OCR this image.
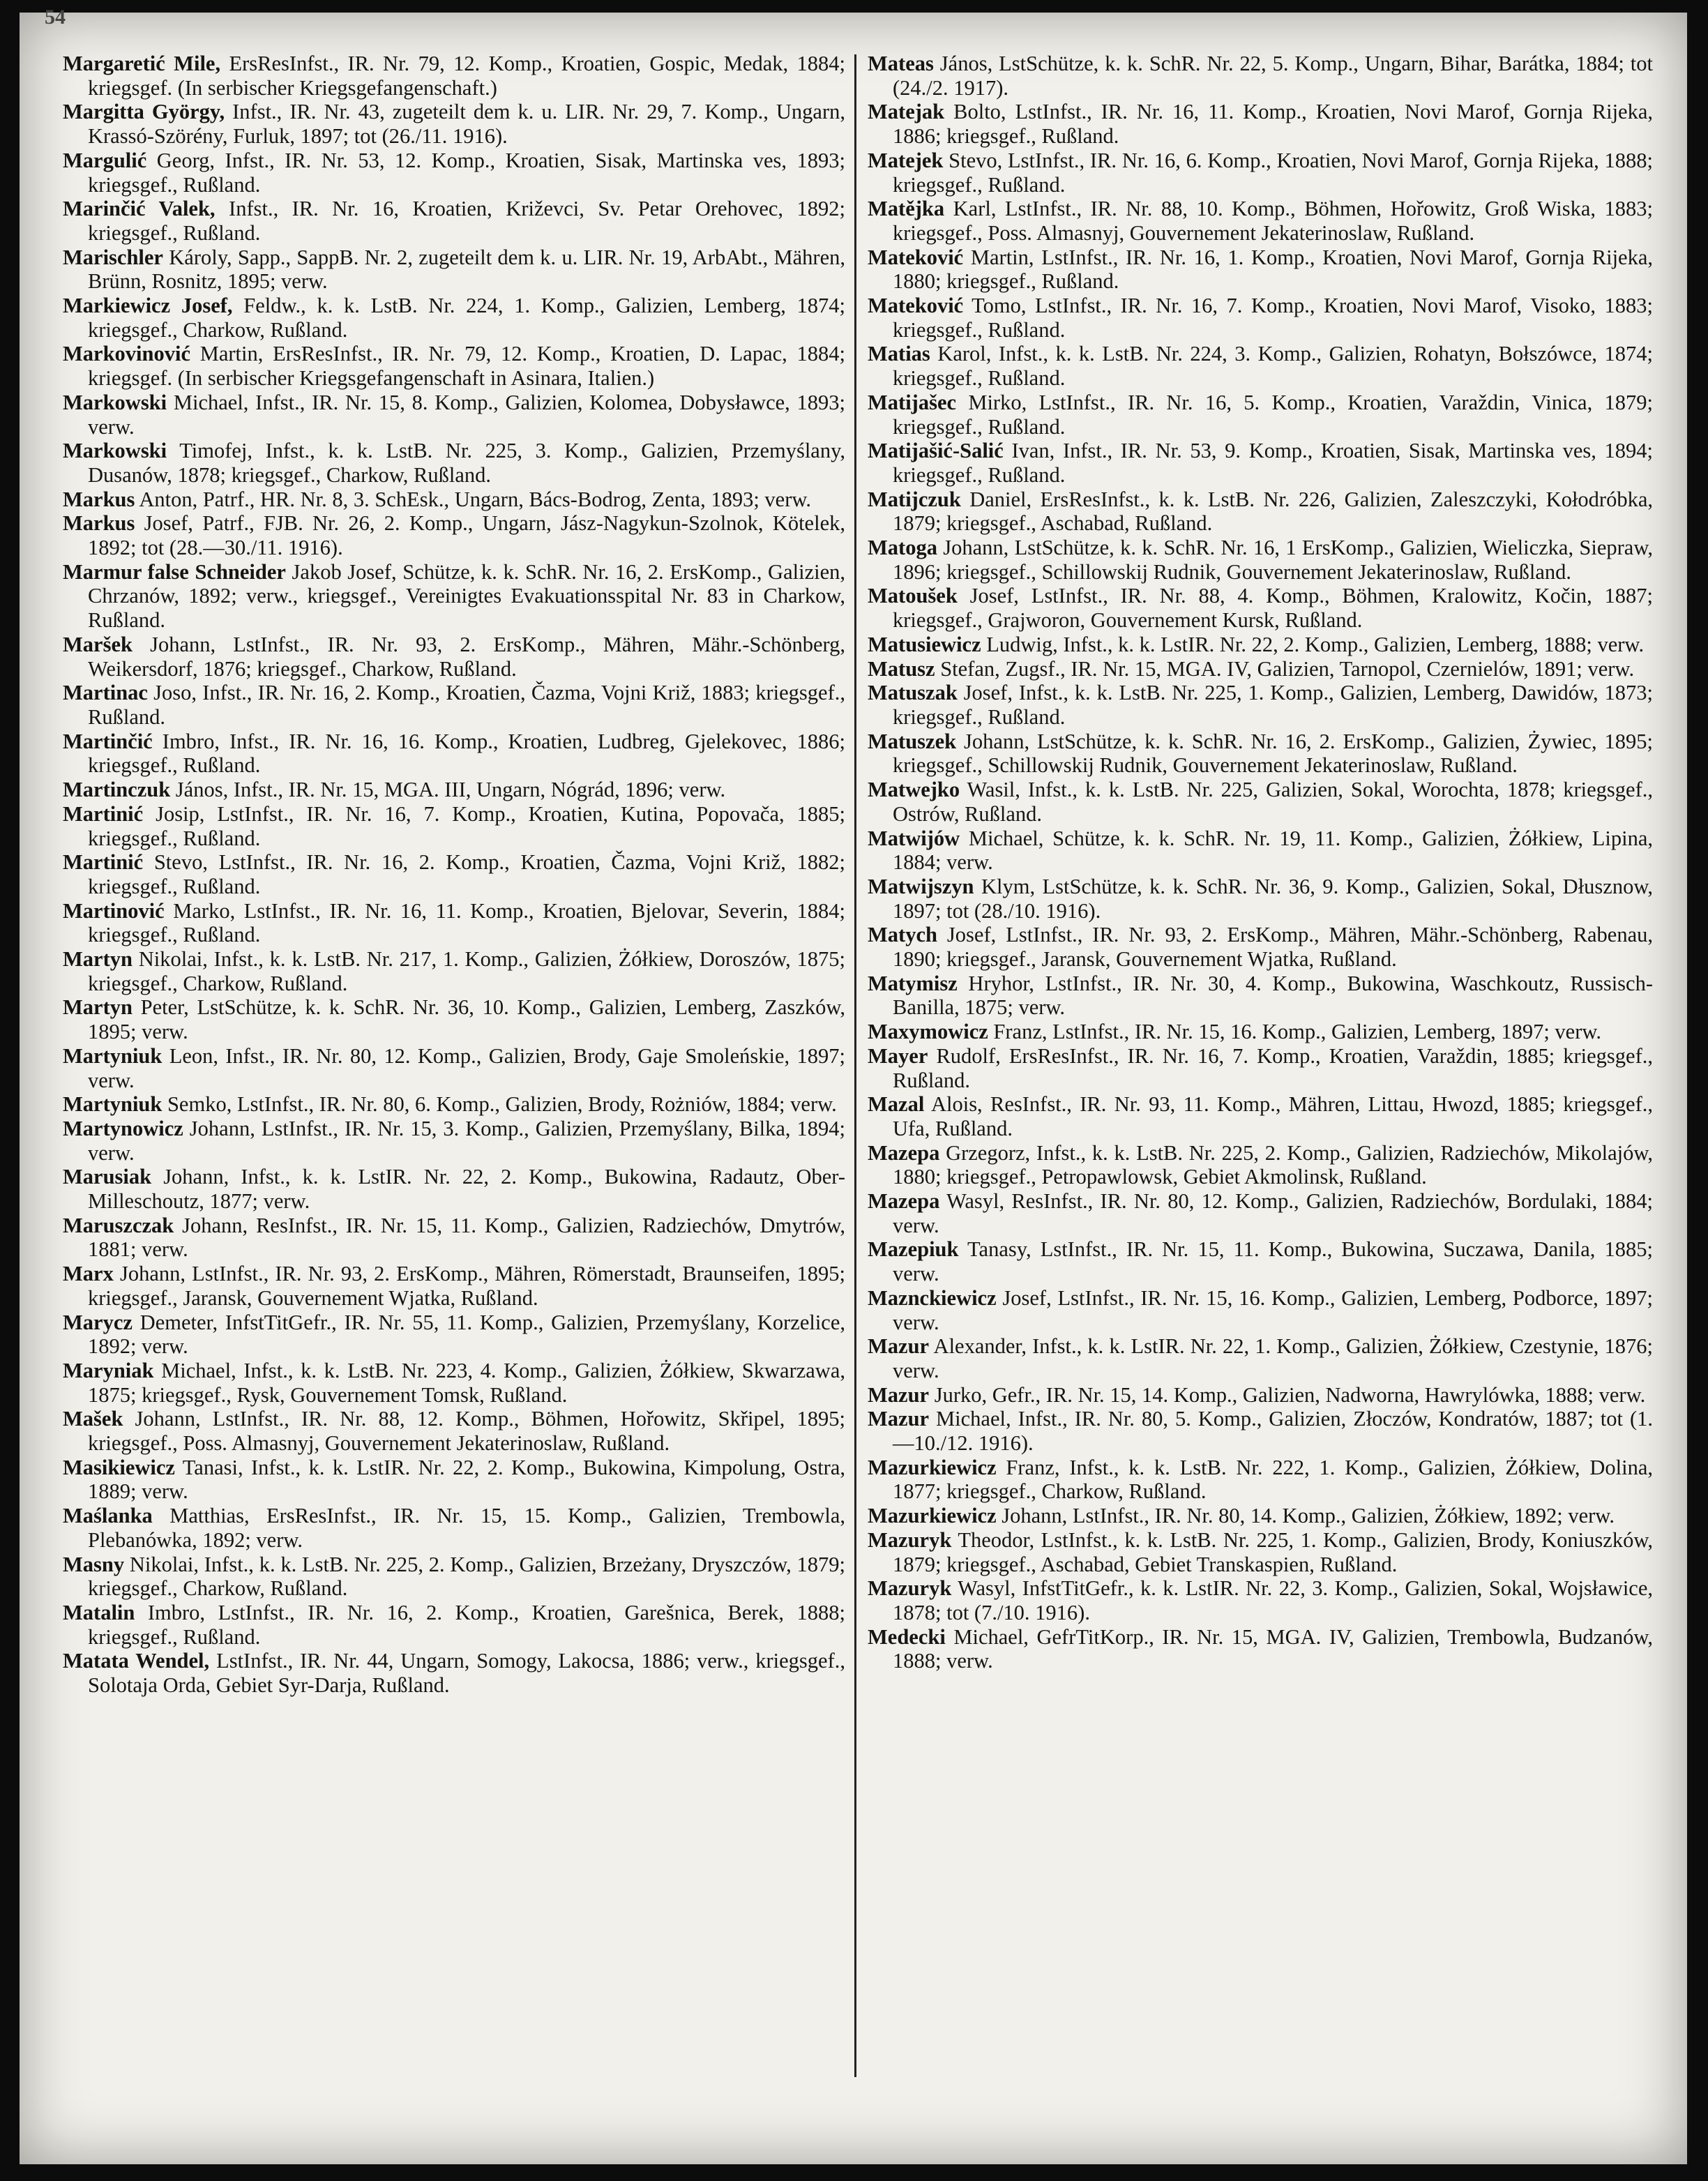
54

Margaretić Mile, ErsResInfst., IR. Nr. 79, 12. Komp., Kroatien, Gospic, Medak, 1884; kriegsgef. (In serbischer Kriegsgefangenschaft.)

Margitta György, Infst., IR. Nr. 43, zugeteilt dem k. u. LIR. Nr. 29, 7. Komp., Ungarn, Krassó-Szörény, Furluk, 1897; tot (26./11. 1916).

Margulić Georg, Infst., IR. Nr. 53, 12. Komp., Kroatien, Sisak, Martinska ves, 1893; kriegsgef., Rußland.

Marinčić Valek, Infst., IR. Nr. 16, Kroatien, Križevci, Sv. Petar Orehovec, 1892; kriegsgef., Rußland.

Marischler Károly, Sapp., SappB. Nr. 2, zugeteilt dem k. u. LIR. Nr. 19, ArbAbt., Mähren, Brünn, Rosnitz, 1895; verw.

Markiewicz Josef, Feldw., k. k. LstB. Nr. 224, 1. Komp., Galizien, Lemberg, 1874; kriegsgef., Charkow, Rußland.

Markovinović Martin, ErsResInfst., IR. Nr. 79, 12. Komp., Kroatien, D. Lapac, 1884; kriegsgef. (In serbischer Kriegsgefangenschaft in Asinara, Italien.)

Markowski Michael, Infst., IR. Nr. 15, 8. Komp., Galizien, Kolomea, Dobysławce, 1893; verw.

Markowski Timofej, Infst., k. k. LstB. Nr. 225, 3. Komp., Galizien, Przemyślany, Dusanów, 1878; kriegsgef., Charkow, Rußland.

Markus Anton, Patrf., HR. Nr. 8, 3. SchEsk., Ungarn, Bács-Bodrog, Zenta, 1893; verw.

Markus Josef, Patrf., FJB. Nr. 26, 2. Komp., Ungarn, Jász-Nagykun-Szolnok, Kötelek, 1892; tot (28.—30./11. 1916).

Marmur false Schneider Jakob Josef, Schütze, k. k. SchR. Nr. 16, 2. ErsKomp., Galizien, Chrzanów, 1892; verw., kriegsgef., Vereinigtes Evakuationsspital Nr. 83 in Charkow, Rußland.

Maršek Johann, LstInfst., IR. Nr. 93, 2. ErsKomp., Mähren, Mähr.-Schönberg, Weikersdorf, 1876; kriegsgef., Charkow, Rußland.

Martinac Joso, Infst., IR. Nr. 16, 2. Komp., Kroatien, Čazma, Vojni Križ, 1883; kriegsgef., Rußland.

Martinčić Imbro, Infst., IR. Nr. 16, 16. Komp., Kroatien, Ludbreg, Gjelekovec, 1886; kriegsgef., Rußland.

Martinczuk János, Infst., IR. Nr. 15, MGA. III, Ungarn, Nógrád, 1896; verw.

Martinić Josip, LstInfst., IR. Nr. 16, 7. Komp., Kroatien, Kutina, Popovača, 1885; kriegsgef., Rußland.

Martinić Stevo, LstInfst., IR. Nr. 16, 2. Komp., Kroatien, Čazma, Vojni Križ, 1882; kriegsgef., Rußland.

Martinović Marko, LstInfst., IR. Nr. 16, 11. Komp., Kroatien, Bjelovar, Severin, 1884; kriegsgef., Rußland.

Martyn Nikolai, Infst., k. k. LstB. Nr. 217, 1. Komp., Galizien, Żółkiew, Doroszów, 1875; kriegsgef., Charkow, Rußland.

Martyn Peter, LstSchütze, k. k. SchR. Nr. 36, 10. Komp., Galizien, Lemberg, Zaszków, 1895; verw.

Martyniuk Leon, Infst., IR. Nr. 80, 12. Komp., Galizien, Brody, Gaje Smoleńskie, 1897; verw.

Martyniuk Semko, LstInfst., IR. Nr. 80, 6. Komp., Galizien, Brody, Rożniów, 1884; verw.

Martynowicz Johann, LstInfst., IR. Nr. 15, 3. Komp., Galizien, Przemyślany, Bilka, 1894; verw.

Marusiak Johann, Infst., k. k. LstIR. Nr. 22, 2. Komp., Bukowina, Radautz, Ober-Milleschoutz, 1877; verw.

Maruszczak Johann, ResInfst., IR. Nr. 15, 11. Komp., Galizien, Radziechów, Dmytrów, 1881; verw.

Marx Johann, LstInfst., IR. Nr. 93, 2. ErsKomp., Mähren, Römerstadt, Braunseifen, 1895; kriegsgef., Jaransk, Gouvernement Wjatka, Rußland.

Marycz Demeter, InfstTitGefr., IR. Nr. 55, 11. Komp., Galizien, Przemyślany, Korzelice, 1892; verw.

Maryniak Michael, Infst., k. k. LstB. Nr. 223, 4. Komp., Galizien, Żółkiew, Skwarzawa, 1875; kriegsgef., Rysk, Gouvernement Tomsk, Rußland.

Mašek Johann, LstInfst., IR. Nr. 88, 12. Komp., Böhmen, Hořowitz, Skřipel, 1895; kriegsgef., Poss. Almasnyj, Gouvernement Jekaterinoslaw, Rußland.

Masikiewicz Tanasi, Infst., k. k. LstIR. Nr. 22, 2. Komp., Bukowina, Kimpolung, Ostra, 1889; verw.

Maślanka Matthias, ErsResInfst., IR. Nr. 15, 15. Komp., Galizien, Trembowla, Plebanówka, 1892; verw.

Masny Nikolai, Infst., k. k. LstB. Nr. 225, 2. Komp., Galizien, Brzeżany, Dryszczów, 1879; kriegsgef., Charkow, Rußland.

Matalin Imbro, LstInfst., IR. Nr. 16, 2. Komp., Kroatien, Garešnica, Berek, 1888; kriegsgef., Rußland.

Matata Wendel, LstInfst., IR. Nr. 44, Ungarn, Somogy, Lakocsa, 1886; verw., kriegsgef., Solotaja Orda, Gebiet Syr-Darja, Rußland.

Mateas János, LstSchütze, k. k. SchR. Nr. 22, 5. Komp., Ungarn, Bihar, Barátka, 1884; tot (24./2. 1917).

Matejak Bolto, LstInfst., IR. Nr. 16, 11. Komp., Kroatien, Novi Marof, Gornja Rijeka, 1886; kriegsgef., Rußland.

Matejek Stevo, LstInfst., IR. Nr. 16, 6. Komp., Kroatien, Novi Marof, Gornja Rijeka, 1888; kriegsgef., Rußland.

Matějka Karl, LstInfst., IR. Nr. 88, 10. Komp., Böhmen, Hořowitz, Groß Wiska, 1883; kriegsgef., Poss. Almasnyj, Gouvernement Jekaterinoslaw, Rußland.

Mateković Martin, LstInfst., IR. Nr. 16, 1. Komp., Kroatien, Novi Marof, Gornja Rijeka, 1880; kriegsgef., Rußland.

Mateković Tomo, LstInfst., IR. Nr. 16, 7. Komp., Kroatien, Novi Marof, Visoko, 1883; kriegsgef., Rußland.

Matias Karol, Infst., k. k. LstB. Nr. 224, 3. Komp., Galizien, Rohatyn, Bołszówce, 1874; kriegsgef., Rußland.

Matijašec Mirko, LstInfst., IR. Nr. 16, 5. Komp., Kroatien, Varaždin, Vinica, 1879; kriegsgef., Rußland.

Matijašić-Salić Ivan, Infst., IR. Nr. 53, 9. Komp., Kroatien, Sisak, Martinska ves, 1894; kriegsgef., Rußland.

Matijczuk Daniel, ErsResInfst., k. k. LstB. Nr. 226, Galizien, Zaleszczyki, Kołodróbka, 1879; kriegsgef., Aschabad, Rußland.

Matoga Johann, LstSchütze, k. k. SchR. Nr. 16, 1 ErsKomp., Galizien, Wieliczka, Siepraw, 1896; kriegsgef., Schillowskij Rudnik, Gouvernement Jekaterinoslaw, Rußland.

Matoušek Josef, LstInfst., IR. Nr. 88, 4. Komp., Böhmen, Kralowitz, Kočin, 1887; kriegsgef., Grajworon, Gouvernement Kursk, Rußland.

Matusiewicz Ludwig, Infst., k. k. LstIR. Nr. 22, 2. Komp., Galizien, Lemberg, 1888; verw.

Matusz Stefan, Zugsf., IR. Nr. 15, MGA. IV, Galizien, Tarnopol, Czernielów, 1891; verw.

Matuszak Josef, Infst., k. k. LstB. Nr. 225, 1. Komp., Galizien, Lemberg, Dawidów, 1873; kriegsgef., Rußland.

Matuszek Johann, LstSchütze, k. k. SchR. Nr. 16, 2. ErsKomp., Galizien, Żywiec, 1895; kriegsgef., Schillowskij Rudnik, Gouvernement Jekaterinoslaw, Rußland.

Matwejko Wasil, Infst., k. k. LstB. Nr. 225, Galizien, Sokal, Worochta, 1878; kriegsgef., Ostrów, Rußland.

Matwijów Michael, Schütze, k. k. SchR. Nr. 19, 11. Komp., Galizien, Żółkiew, Lipina, 1884; verw.

Matwijszyn Klym, LstSchütze, k. k. SchR. Nr. 36, 9. Komp., Galizien, Sokal, Dłusznow, 1897; tot (28./10. 1916).

Matych Josef, LstInfst., IR. Nr. 93, 2. ErsKomp., Mähren, Mähr.-Schönberg, Rabenau, 1890; kriegsgef., Jaransk, Gouvernement Wjatka, Rußland.

Matymisz Hryhor, LstInfst., IR. Nr. 30, 4. Komp., Bukowina, Waschkoutz, Russisch-Banilla, 1875; verw.

Maxymowicz Franz, LstInfst., IR. Nr. 15, 16. Komp., Galizien, Lemberg, 1897; verw.

Mayer Rudolf, ErsResInfst., IR. Nr. 16, 7. Komp., Kroatien, Varaždin, 1885; kriegsgef., Rußland.

Mazal Alois, ResInfst., IR. Nr. 93, 11. Komp., Mähren, Littau, Hwozd, 1885; kriegsgef., Ufa, Rußland.

Mazepa Grzegorz, Infst., k. k. LstB. Nr. 225, 2. Komp., Galizien, Radziechów, Mikolajów, 1880; kriegsgef., Petropawlowsk, Gebiet Akmolinsk, Rußland.

Mazepa Wasyl, ResInfst., IR. Nr. 80, 12. Komp., Galizien, Radziechów, Bordulaki, 1884; verw.

Mazepiuk Tanasy, LstInfst., IR. Nr. 15, 11. Komp., Bukowina, Suczawa, Danila, 1885; verw.

Maznckiewicz Josef, LstInfst., IR. Nr. 15, 16. Komp., Galizien, Lemberg, Podborce, 1897; verw.

Mazur Alexander, Infst., k. k. LstIR. Nr. 22, 1. Komp., Galizien, Żółkiew, Czestynie, 1876; verw.

Mazur Jurko, Gefr., IR. Nr. 15, 14. Komp., Galizien, Nadworna, Hawrylówka, 1888; verw.

Mazur Michael, Infst., IR. Nr. 80, 5. Komp., Galizien, Złoczów, Kondratów, 1887; tot (1.—10./12. 1916).

Mazurkiewicz Franz, Infst., k. k. LstB. Nr. 222, 1. Komp., Galizien, Żółkiew, Dolina, 1877; kriegsgef., Charkow, Rußland.

Mazurkiewicz Johann, LstInfst., IR. Nr. 80, 14. Komp., Galizien, Żółkiew, 1892; verw.

Mazuryk Theodor, LstInfst., k. k. LstB. Nr. 225, 1. Komp., Galizien, Brody, Koniuszków, 1879; kriegsgef., Aschabad, Gebiet Transkaspien, Rußland.

Mazuryk Wasyl, InfstTitGefr., k. k. LstIR. Nr. 22, 3. Komp., Galizien, Sokal, Wojsławice, 1878; tot (7./10. 1916).

Medecki Michael, GefrTitKorp., IR. Nr. 15, MGA. IV, Galizien, Trembowla, Budzanów, 1888; verw.
